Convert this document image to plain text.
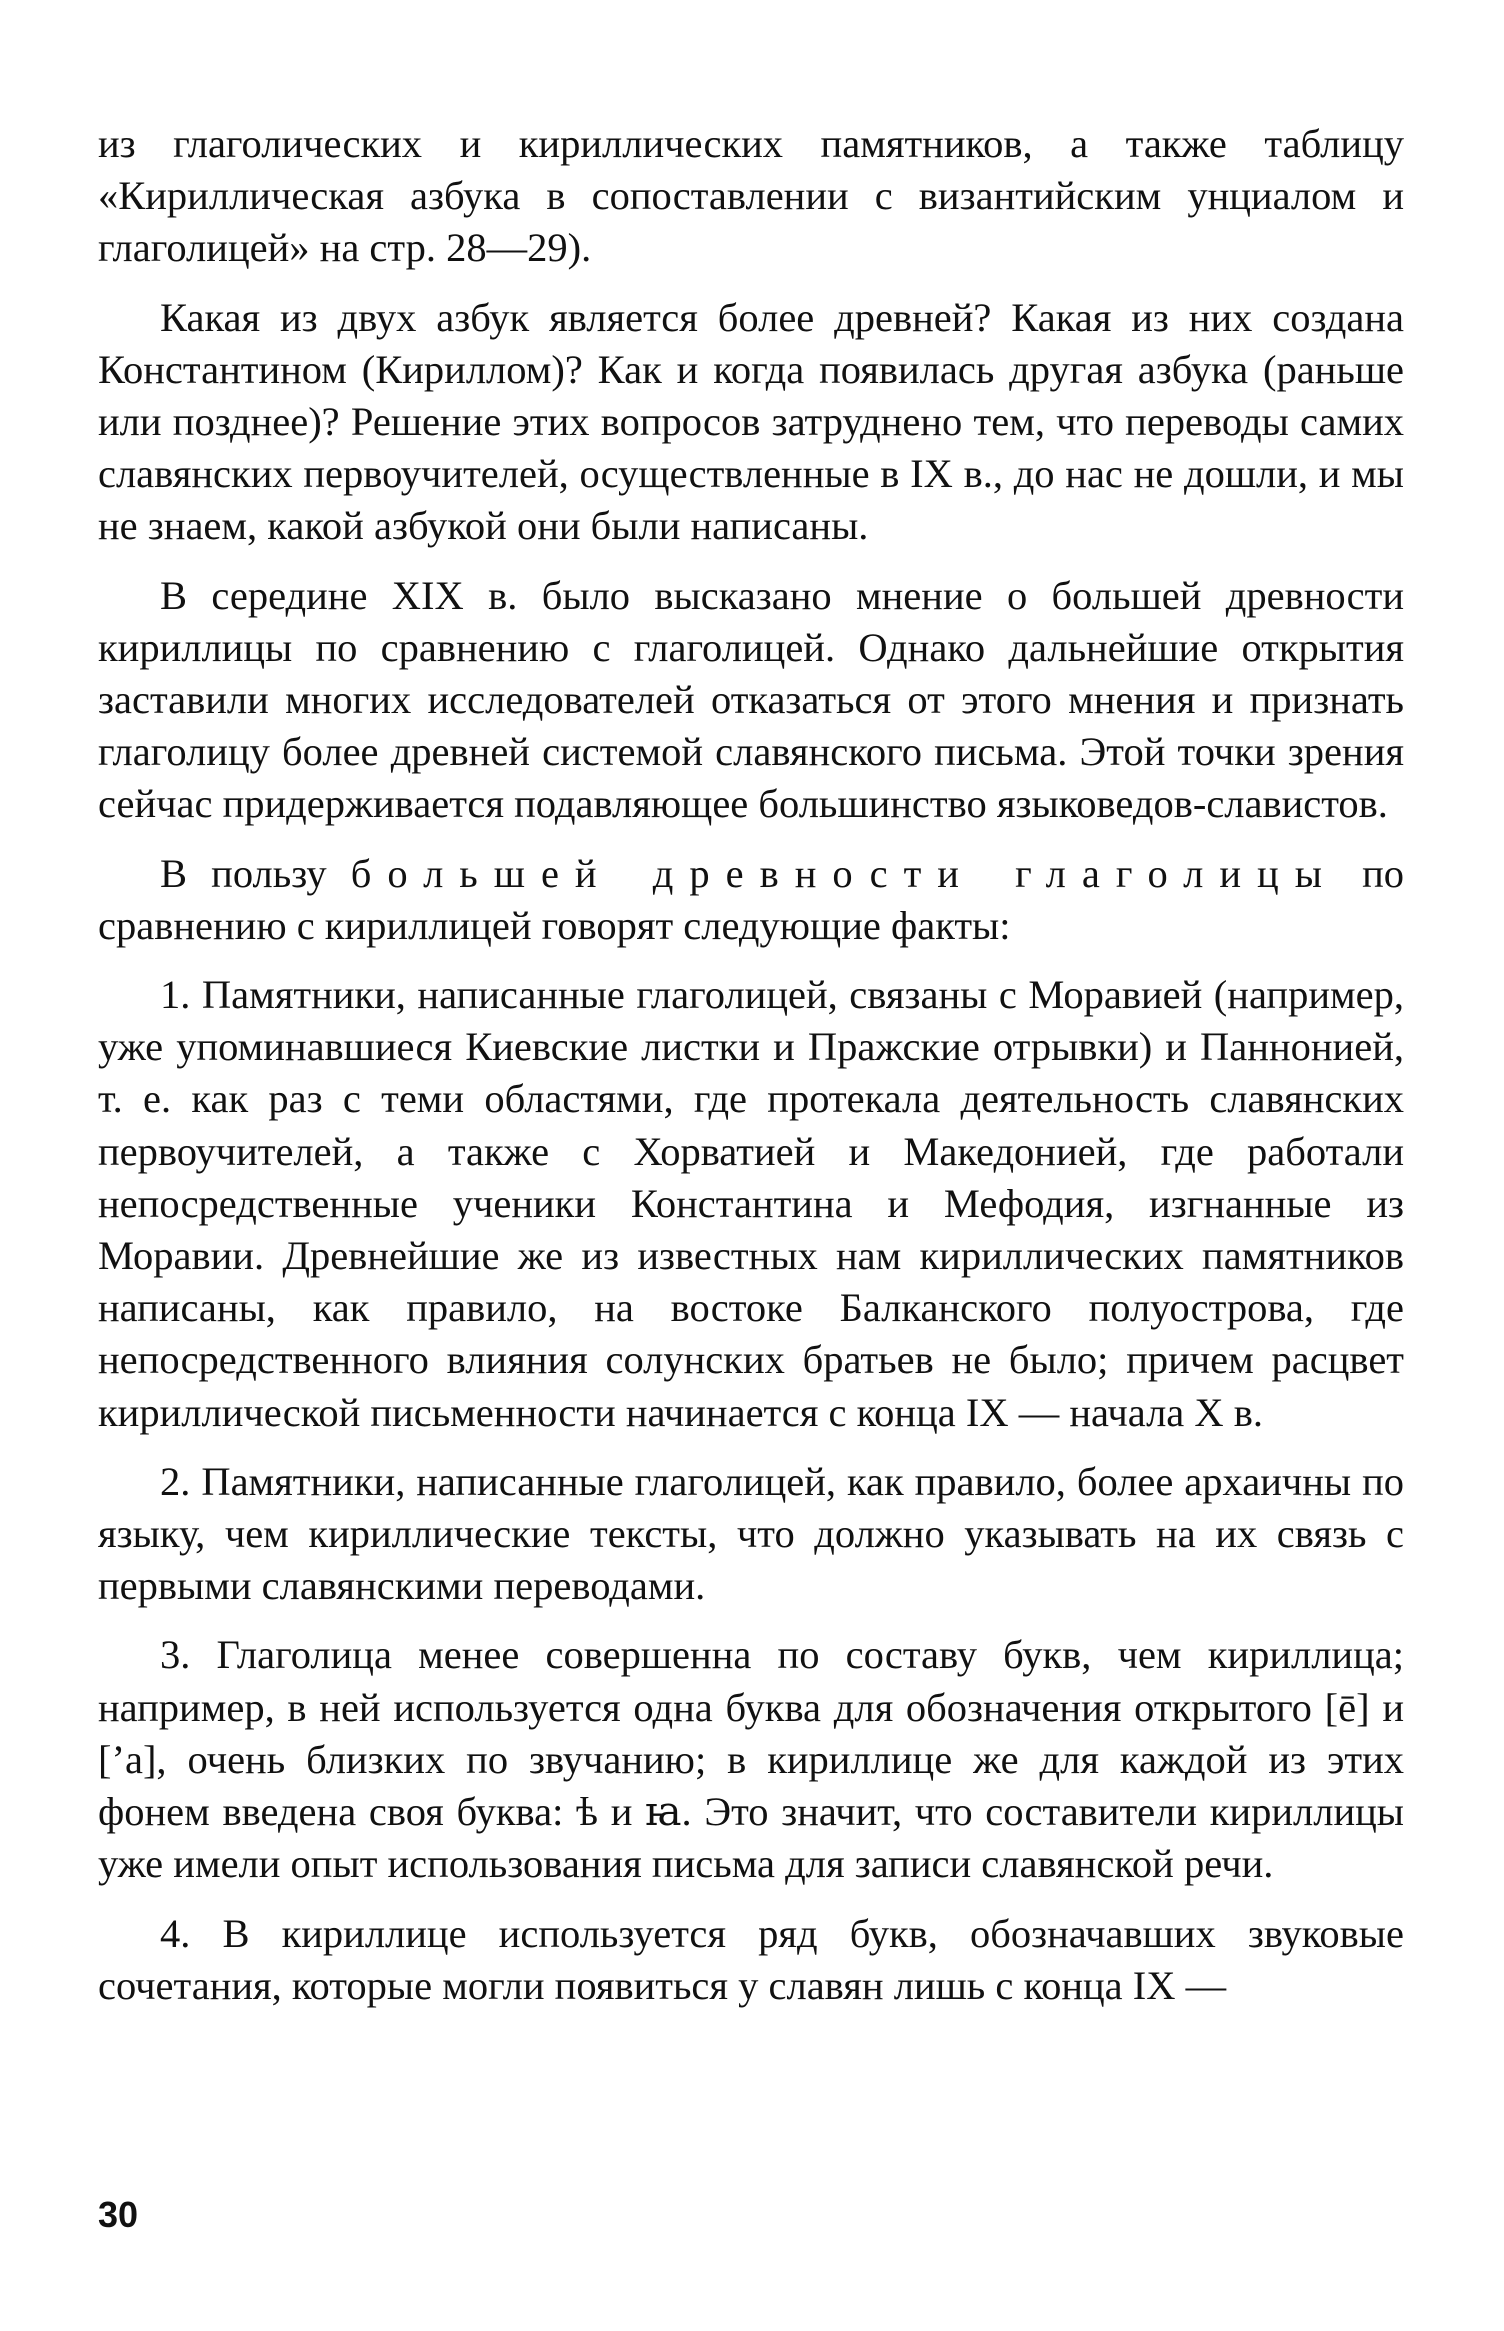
из глаголических и кириллических памятников, а также таблицу «Кириллическая азбука в сопоставлении с византийским унциалом и глаголицей» на стр. 28—29).

Какая из двух азбук является более древней? Какая из них создана Константином (Кириллом)? Как и когда появилась другая азбука (раньше или позднее)? Решение этих вопросов затруднено тем, что переводы самих славянских первоучителей, осуществленные в IX в., до нас не дошли, и мы не знаем, какой азбукой они были написаны.

В середине XIX в. было высказано мнение о большей древности кириллицы по сравнению с глаголицей. Однако дальнейшие открытия заставили многих исследователей отказаться от этого мнения и признать глаголицу более древней системой славянского письма. Этой точки зрения сейчас придерживается подавляющее большинство языковедов-славистов.

В пользу большей древности глаголицы по сравнению с кириллицей говорят следующие факты:

1. Памятники, написанные глаголицей, связаны с Моравией (например, уже упоминавшиеся Киевские листки и Пражские отрывки) и Паннонией, т. е. как раз с теми областями, где протекала деятельность славянских первоучителей, а также с Хорватией и Македонией, где работали непосредственные ученики Константина и Мефодия, изгнанные из Моравии. Древнейшие же из известных нам кириллических памятников написаны, как правило, на востоке Балканского полуострова, где непосредственного влияния солунских братьев не было; причем расцвет кириллической письменности начинается с конца IX — начала X в.

2. Памятники, написанные глаголицей, как правило, более архаичны по языку, чем кириллические тексты, что должно указывать на их связь с первыми славянскими переводами.

3. Глаголица менее совершенна по составу букв, чем кириллица; например, в ней используется одна буква для обозначения открытого [ē] и [’а], очень близких по звучанию; в кириллице же для каждой из этих фонем введена своя буква: ѣ и ꙗ. Это значит, что составители кириллицы уже имели опыт использования письма для записи славянской речи.

4. В кириллице используется ряд букв, обозначавших звуковые сочетания, которые могли появиться у славян лишь с конца IX —

30
